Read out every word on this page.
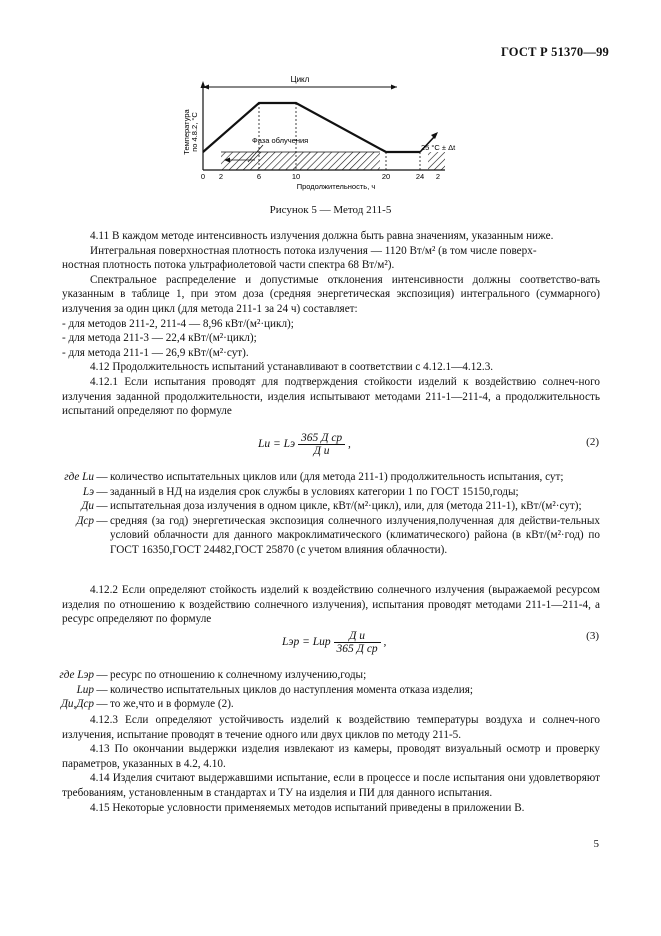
ГОСТ Р 51370—99
Цикл
Температура по 4.8.2, °С	Фаза облучения
25 °С ± Δt
0 2	6	10	20	24 2
Продолжительность, ч
Рисунок 5 — Метод 211-5

4.11 В каждом методе интенсивность излучения должна быть равна значениям, указанным ниже.

Интегральная поверхностная плотность потока излучения — 1120 Вт/м² (в том числе поверх-

ностная плотность потока ультрафиолетовой части спектра 68 Вт/м²).

Спектральное распределение и допустимые отклонения интенсивности должны соответство-вать указанным в таблице 1, при этом доза (средняя энергетическая экспозиция) интегрального (суммарного) излучения за один цикл (для метода 211-1 за 24 ч) составляет:

- для методов 211-2, 211-4 — 8,96 кВт/(м²·цикл);

- для метода 211-3 — 22,4 кВт/(м²·цикл);

- для метода 211-1 — 26,9 кВт/(м²·сут).

4.12 Продолжительность испытаний устанавливают в соответствии с 4.12.1—4.12.3.

4.12.1 Если испытания проводят для подтверждения стойкости изделий к воздействию солнеч-ного излучения заданной продолжительности, изделия испытывают методами 211-1—211-4, а продолжительность испытаний определяют по формуле

Lи = Lэ $\frac{\text{365 Д ср}}{\text{Д и}}$ ,	(2)
где Lи — количество испытательных циклов или (для метода 211-1) продолжительность испытания, сут;
Lэ — заданный в НД на изделия срок службы в условиях категории 1 по ГОСТ 15150,годы;
Ди — испытательная доза излучения в одном цикле, кВт/(м²·цикл), или, для (метода 211-1), кВт/(м²·сут);
Дср — средняя (за год) энергетическая экспозиция солнечного излучения,полученная для действи-тельных условий облачности для данного макроклиматического (климатического) района (в кВт/(м²·год) по ГОСТ 16350,ГОСТ 24482,ГОСТ 25870 (с учетом влияния облачности).

4.12.2 Если определяют стойкость изделий к воздействию солнечного излучения (выражаемой ресурсом изделия по отношению к воздействию солнечного излучения), испытания проводят методами 211-1—211-4, а ресурс определяют по формуле

Lэр = Lир $\frac{\text{Д и}}{\text{365 Д ср}}$ ,
(3)
где Lэр — ресурс по отношению к солнечному излучению,годы;
Lир — количество испытательных циклов до наступления момента отказа изделия;
Ди,Дср — то же,что и в формуле (2).

4.12.3 Если определяют устойчивость изделий к воздействию температуры воздуха и солнеч-ного излучения, испытание проводят в течение одного или двух циклов по методу 211-5.

4.13 По окончании выдержки изделия извлекают из камеры, проводят визуальный осмотр и проверку параметров, указанных в 4.2, 4.10.

4.14 Изделия считают выдержавшими испытание, если в процессе и после испытания они удовлетворяют требованиям, установленным в стандартах и ТУ на изделия и ПИ для данного испытания.

4.15 Некоторые условности применяемых методов испытаний приведены в приложении В.

5
